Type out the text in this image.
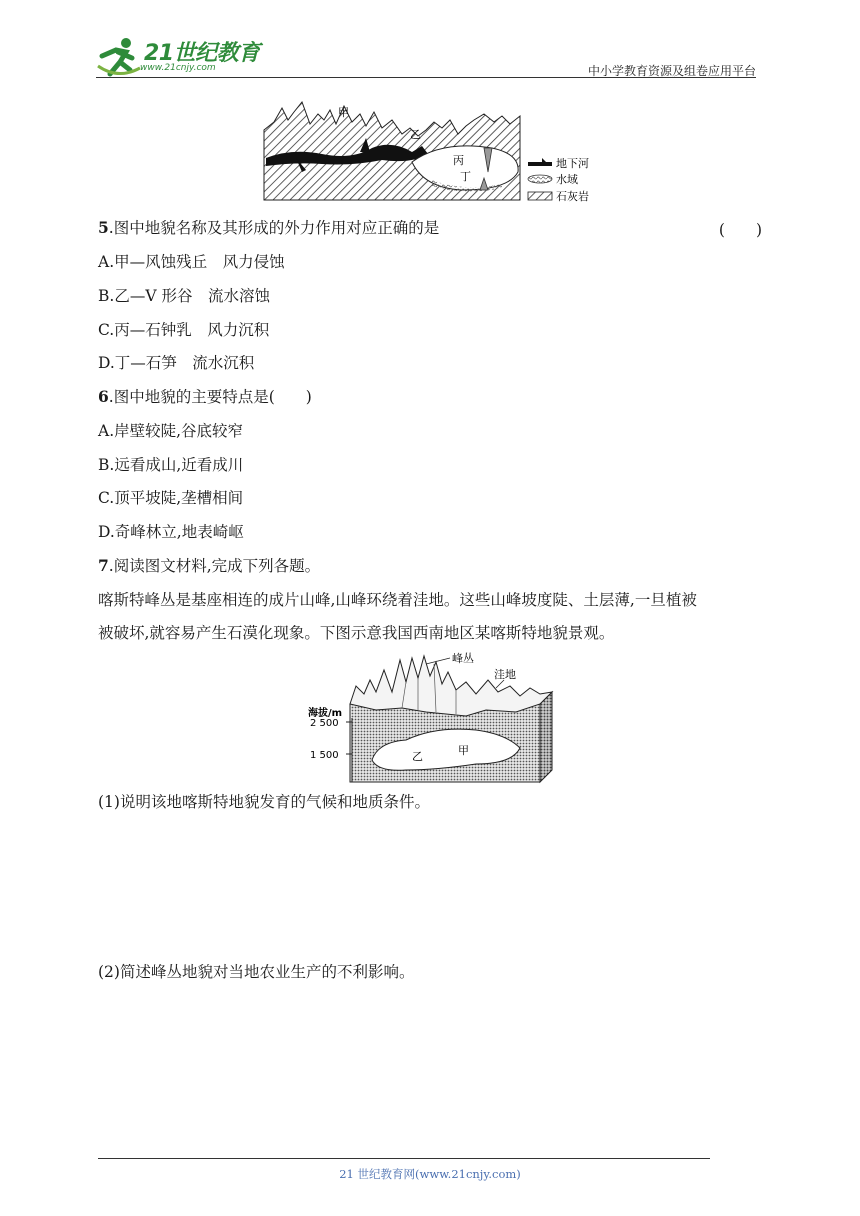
21世纪教育
www.21cnjy.com	中小学教育资源及组卷应用平台
甲
乙
丙
丁
地下河
水域
石灰岩
5.图中地貌名称及其形成的外力作用对应正确的是	(　　)
A.甲—风蚀残丘　风力侵蚀
B.乙—V 形谷　流水溶蚀
C.丙—石钟乳　风力沉积
D.丁—石笋　流水沉积
6.图中地貌的主要特点是(　　)
A.岸壁较陡,谷底较窄
B.远看成山,近看成川
C.顶平坡陡,垄槽相间
D.奇峰林立,地表崎岖
7.阅读图文材料,完成下列各题。
喀斯特峰丛是基座相连的成片山峰,山峰环绕着洼地。这些山峰坡度陡、土层薄,一旦植被
被破坏,就容易产生石漠化现象。下图示意我国西南地区某喀斯特地貌景观。
峰丛
洼地
海拔/m
2 500
1 500	乙	甲
(1)说明该地喀斯特地貌发育的气候和地质条件。
(2)简述峰丛地貌对当地农业生产的不利影响。
21 世纪教育网(www.21cnjy.com)
